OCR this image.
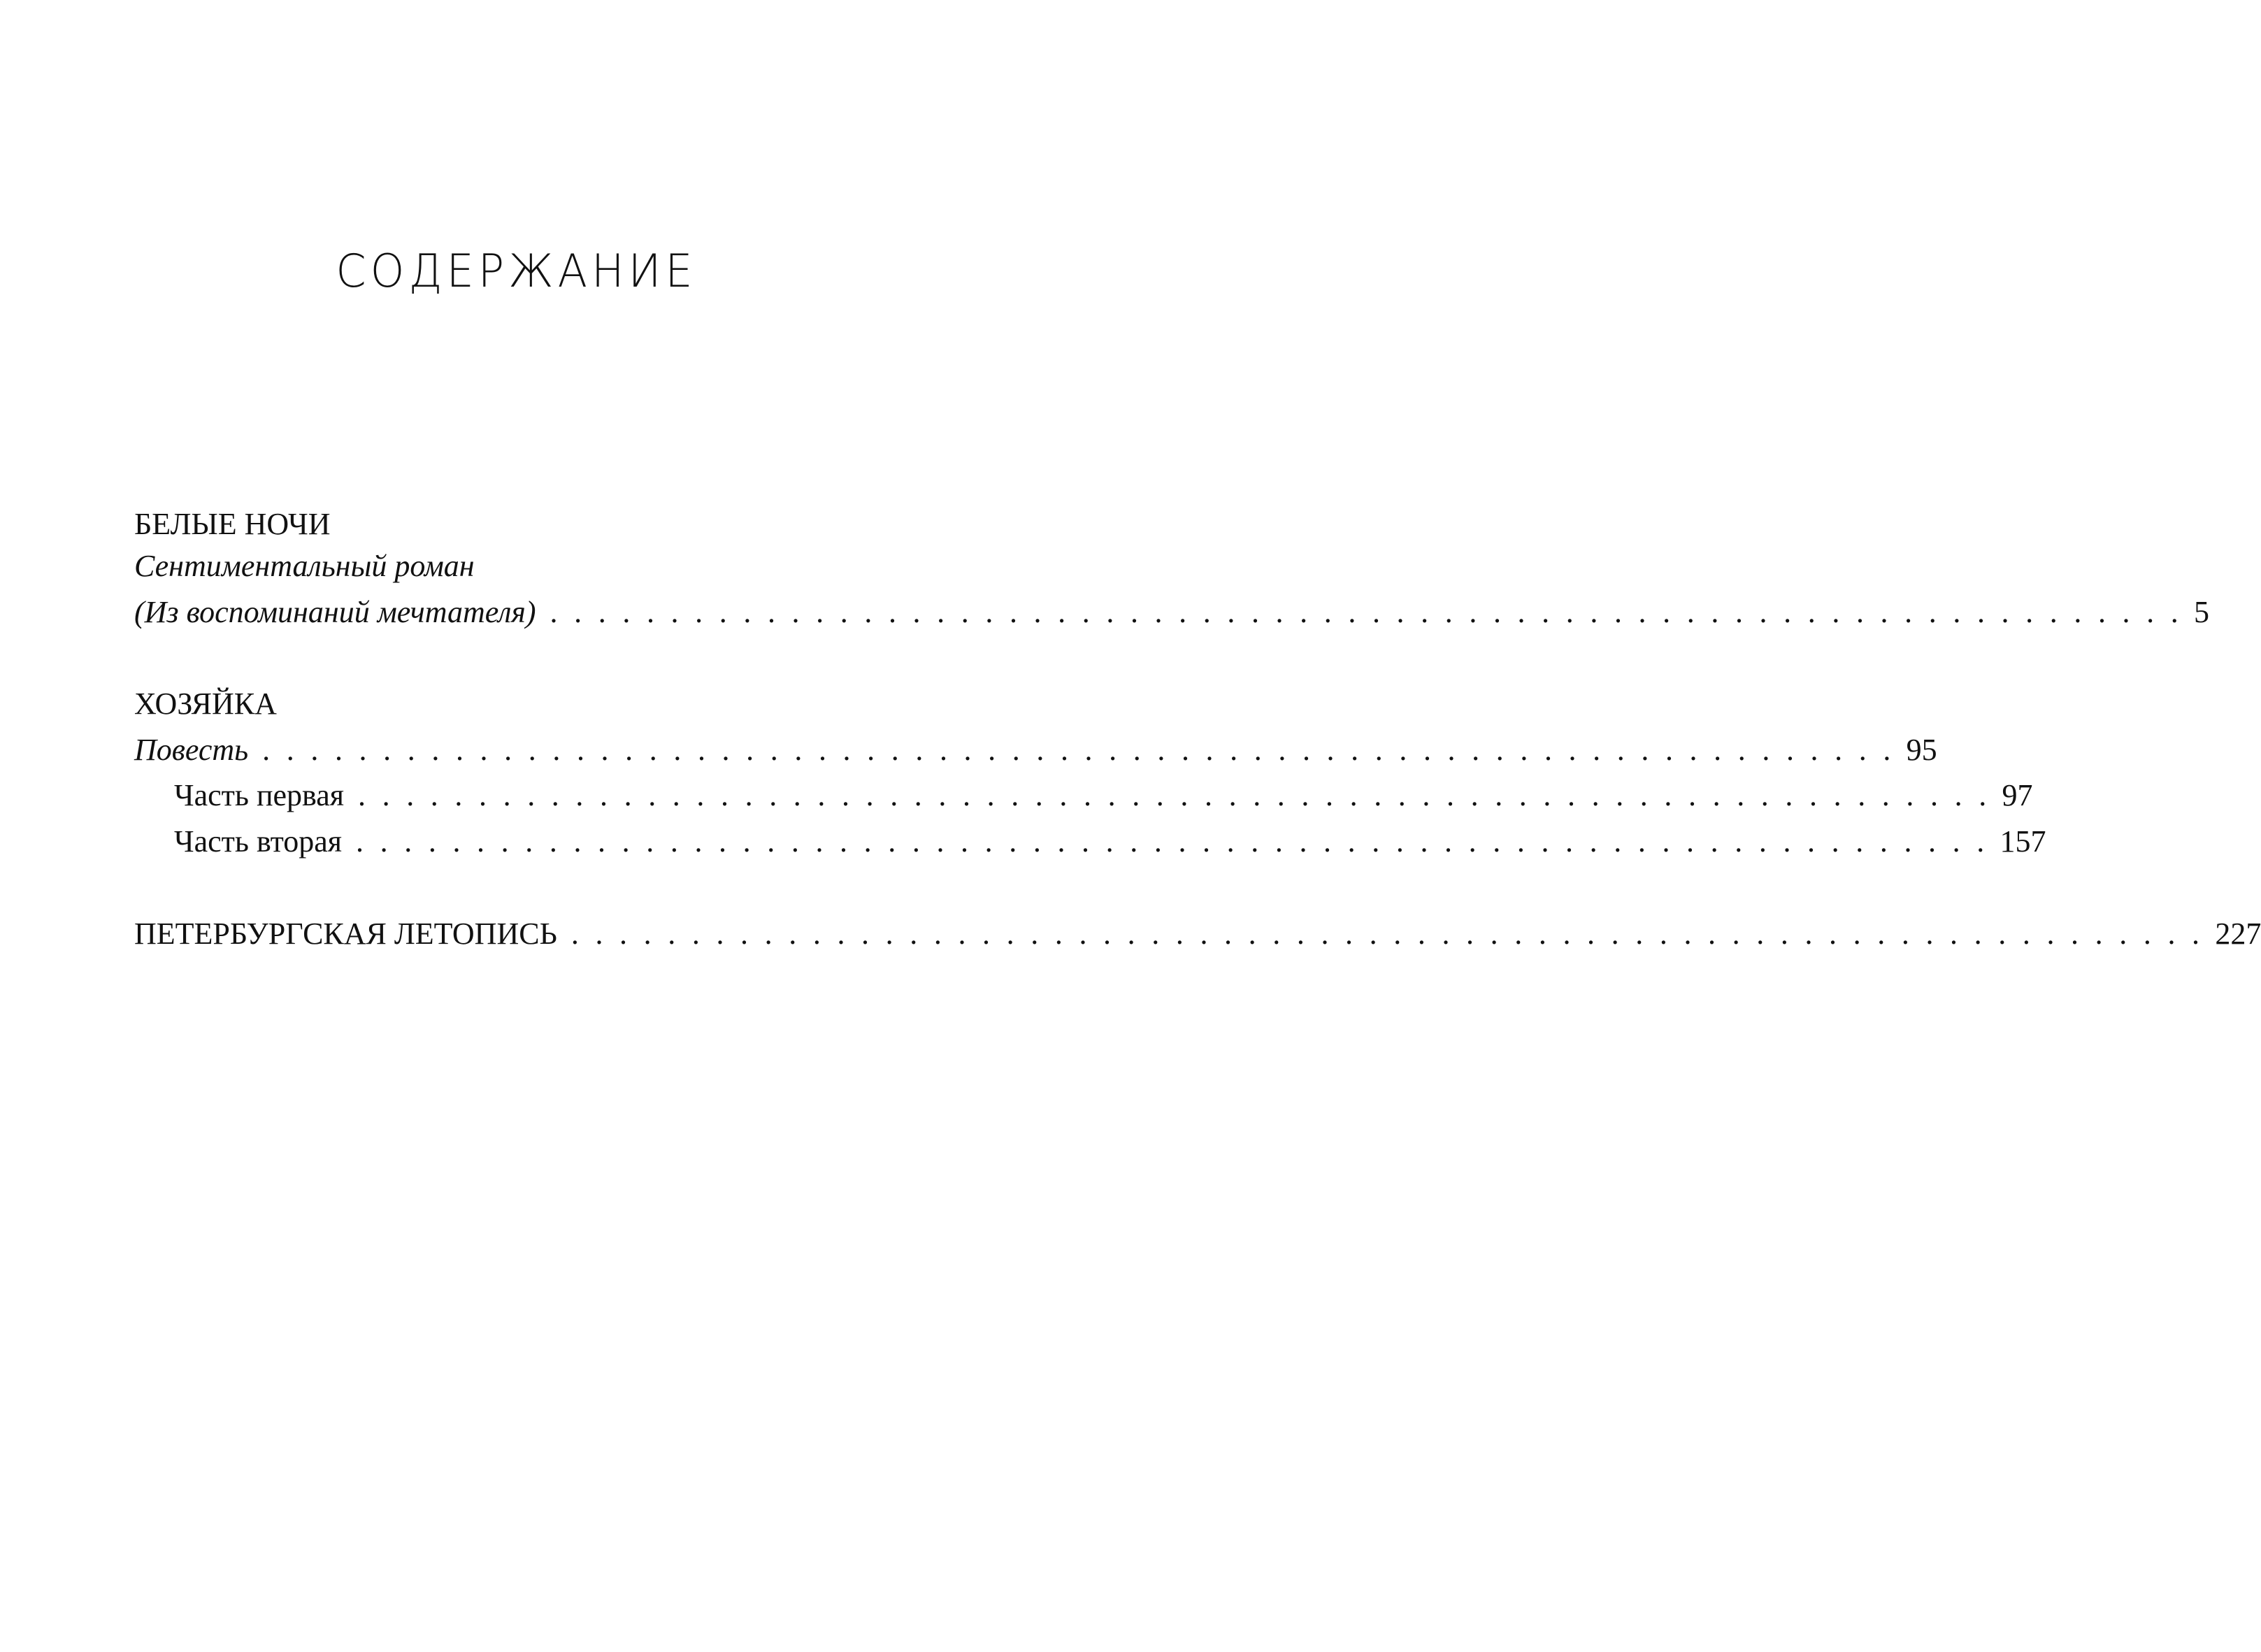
СОДЕРЖАНИЕ
БЕЛЫЕ НОЧИ
Сентиментальный роман
(Из воспоминаний мечтателя) . . . . . . . . . . . . . . . . . . . . . . . . . . . . . . . . . . . . . . . . . . . . . . . . . . . . . . . . . . . . . . . . . . . . 5
ХОЗЯЙКА
Повесть . . . . . . . . . . . . . . . . . . . . . . . . . . . . . . . . . . . . . . . . . . . . . . . . . . . . . . . . . . . . . . . . . . . . 95
Часть первая . . . . . . . . . . . . . . . . . . . . . . . . . . . . . . . . . . . . . . . . . . . . . . . . . . . . . . . . . . . . . . . . . . . . 97
Часть вторая . . . . . . . . . . . . . . . . . . . . . . . . . . . . . . . . . . . . . . . . . . . . . . . . . . . . . . . . . . . . . . . . . . . . 157
ПЕТЕРБУРГСКАЯ ЛЕТОПИСЬ . . . . . . . . . . . . . . . . . . . . . . . . . . . . . . . . . . . . . . . . . . . . . . . . . . . . . . . . . . . . . . . . . . . . 227
